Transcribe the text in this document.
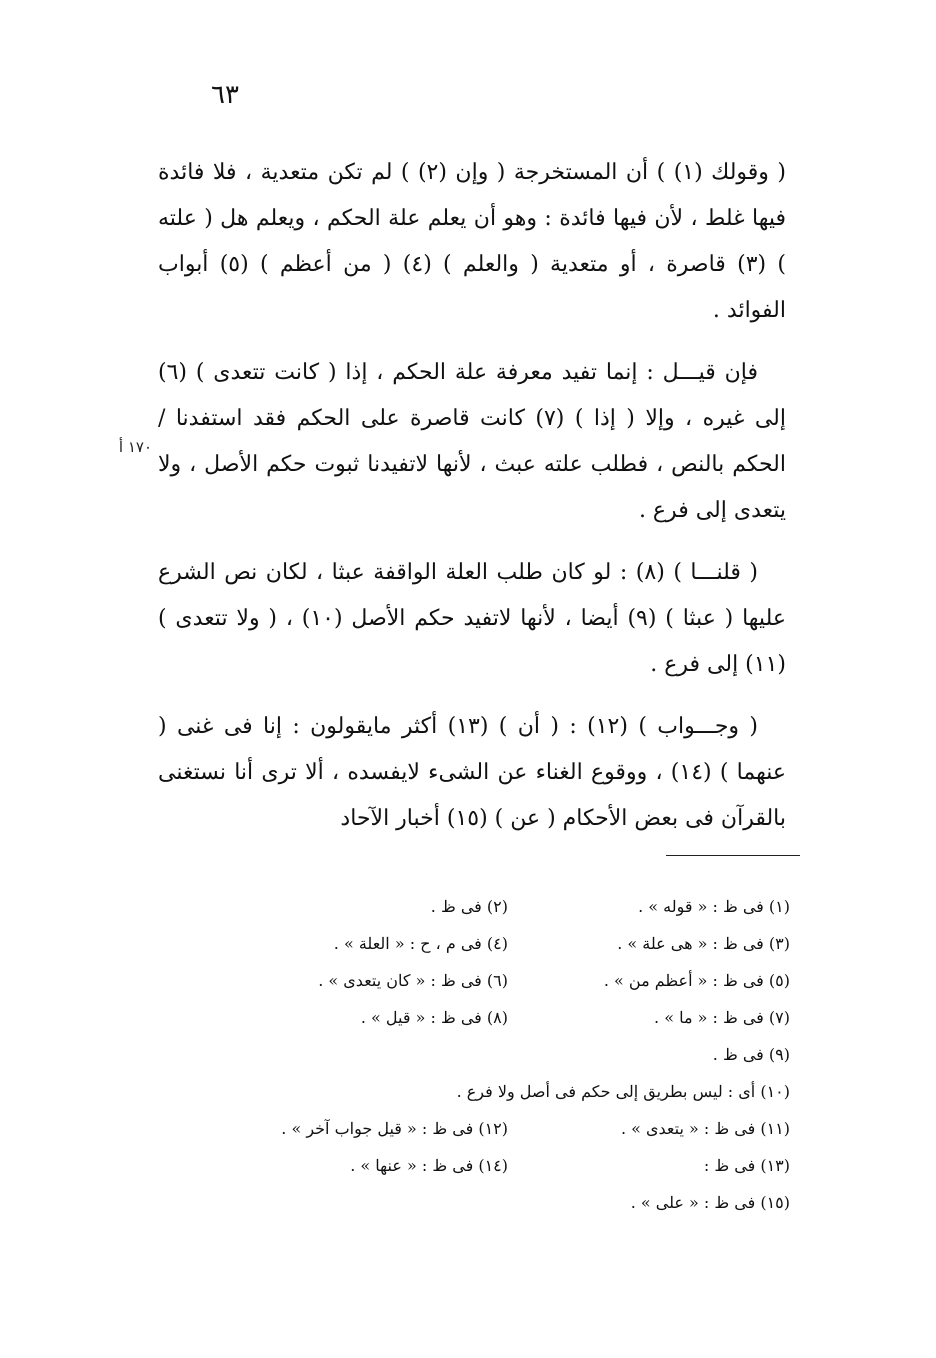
٦٣
١٧٠ أ

( وقولك (١) ) أن المستخرجة ( وإن (٢) ) لم تكن متعدية ، فلا فائدة فيها غلط ، لأن فيها فائدة : وهو أن يعلم علة الحكم ، ويعلم هل ( علته ) (٣) قاصرة ، أو متعدية ( والعلم ) (٤) ( من أعظم ) (٥) أبواب الفوائد .

فإن قيـــل : إنما تفيد معرفة علة الحكم ، إذا ( كانت تتعدى ) (٦) إلى غيره ، وإلا ( إذا ) (٧) كانت قاصرة على الحكم فقد استفدنا / الحكم بالنص ، فطلب علته عبث ، لأنها لاتفيدنا ثبوت حكم الأصل ، ولا يتعدى إلى فرع .

( قلنـــا ) (٨) : لو كان طلب العلة الواقفة عبثا ، لكان نص الشرع عليها ( عبثا ) (٩) أيضا ، لأنها لاتفيد حكم الأصل (١٠) ، ( ولا تتعدى ) (١١) إلى فرع .

( وجـــواب ) (١٢) : ( أن ) (١٣) أكثر مايقولون : إنا فى غنى ( عنهما ) (١٤) ، ووقوع الغناء عن الشىء لايفسده ، ألا ترى أنا نستغنى بالقرآن فى بعض الأحكام ( عن ) (١٥) أخبار الآحاد

(١) فى ظ : « قوله » .
(٢) فى ظ .
(٣) فى ظ : « هى علة » .
(٤) فى م ، ح : « العلة » .
(٥) فى ظ : « أعظم من » .
(٦) فى ظ : « كان يتعدى » .
(٧) فى ظ : « ما » .
(٨) فى ظ : « قيل » .
(٩) فى ظ .
(١٠) أى : ليس بطريق إلى حكم فى أصل ولا فرع .
(١١) فى ظ : « يتعدى » .
(١٢) فى ظ : « قيل جواب آخر » .
(١٣) فى ظ :
(١٤) فى ظ : « عنها » .
(١٥) فى ظ : « على » .
